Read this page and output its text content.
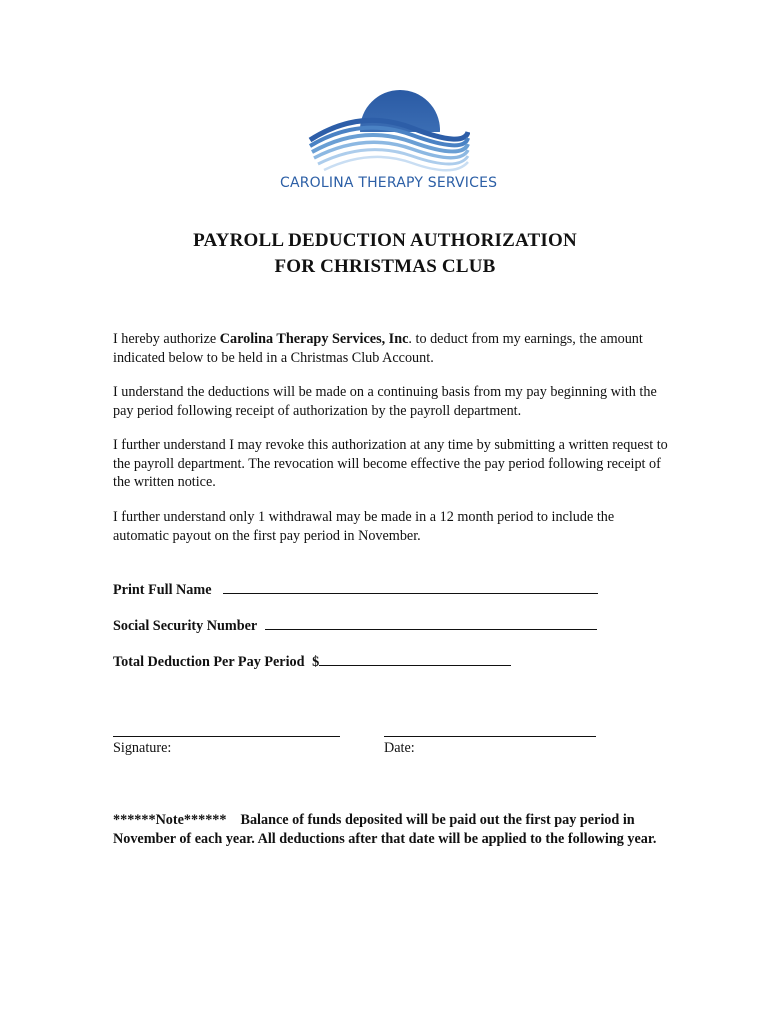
CAROLINA THERAPY SERVICES
PAYROLL DEDUCTION AUTHORIZATION
FOR CHRISTMAS CLUB
I hereby authorize Carolina Therapy Services, Inc. to deduct from my earnings, the amount indicated below to be held in a Christmas Club Account.
I understand the deductions will be made on a continuing basis from my pay beginning with the pay period following receipt of authorization by the payroll department.
I further understand I may revoke this authorization at any time by submitting a written request to the payroll department. The revocation will become effective the pay period following receipt of the written notice.
I further understand only 1 withdrawal may be made in a 12 month period to include the automatic payout on the first pay period in November.
Print Full Name
Social Security Number
Total Deduction Per Pay Period $
Signature:	Date:
******Note****** Balance of funds deposited will be paid out the first pay period in November of each year. All deductions after that date will be applied to the following year.
